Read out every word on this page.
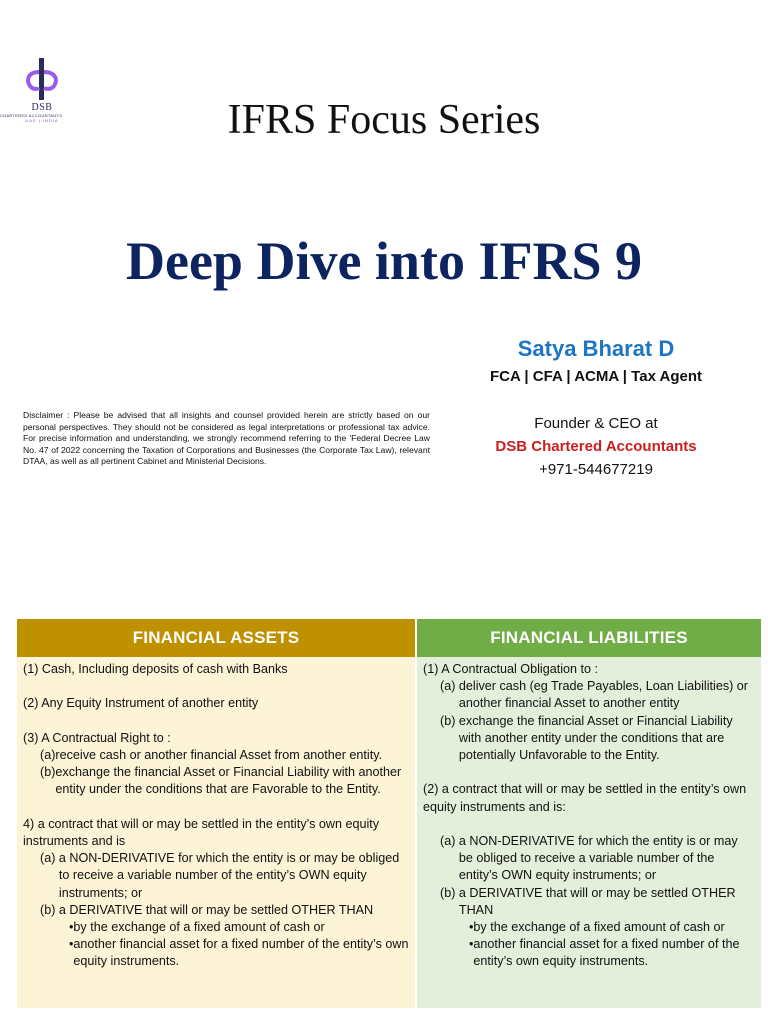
DSB
CHARTERED ACCOUNTANTS
UAE | INDIA	IFRS Focus Series
Deep Dive into IFRS 9
Satya Bharat D
FCA | CFA | ACMA | Tax Agent
Founder & CEO at
DSB Chartered Accountants
+971-544677219
Disclaimer : Please be advised that all insights and counsel provided herein are strictly based on our personal perspectives. They should not be considered as legal interpretations or professional tax advice. For precise information and understanding, we strongly recommend referring to the 'Federal Decree Law No. 47 of 2022 concerning the Taxation of Corporations and Businesses (the Corporate Tax Law), relevant DTAA, as well as all pertinent Cabinet and Ministerial Decisions.
FINANCIAL ASSETS
(1) Cash, Including deposits of cash with Banks
(2) Any Equity Instrument of another entity
(3) A Contractual Right to :
(a) receive cash or another financial Asset from another entity.
(b) exchange the financial Asset or Financial Liability with another entity under the conditions that are Favorable to the Entity.
4) a contract that will or may be settled in the entity’s own equity instruments and is
(a) a NON-DERIVATIVE for which the entity is or may be obliged to receive a variable number of the entity’s OWN equity instruments; or
(b) a DERIVATIVE that will or may be settled OTHER THAN
• by the exchange of a fixed amount of cash or
• another financial asset for a fixed number of the entity’s own equity instruments.
FINANCIAL LIABILITIES
(1) A Contractual Obligation to :
(a) deliver cash (eg Trade Payables, Loan Liabilities) or another financial Asset to another entity
(b) exchange the financial Asset or Financial Liability with another entity under the conditions that are potentially Unfavorable to the Entity.
(2) a contract that will or may be settled in the entity’s own equity instruments and is:
(a) a NON-DERIVATIVE for which the entity is or may be obliged to receive a variable number of the entity’s OWN equity instruments; or
(b) a DERIVATIVE that will or may be settled OTHER THAN
• by the exchange of a fixed amount of cash or
• another financial asset for a fixed number of the entity’s own equity instruments.
